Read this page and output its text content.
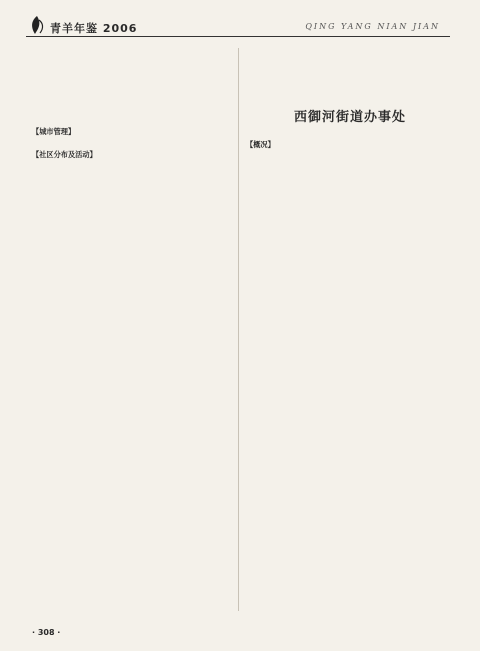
青羊年鉴 2006	QING YANG NIAN JIAN

【城市管理】

【社区分布及活动】

西御河街道办事处

【概况】

· 308 ·
